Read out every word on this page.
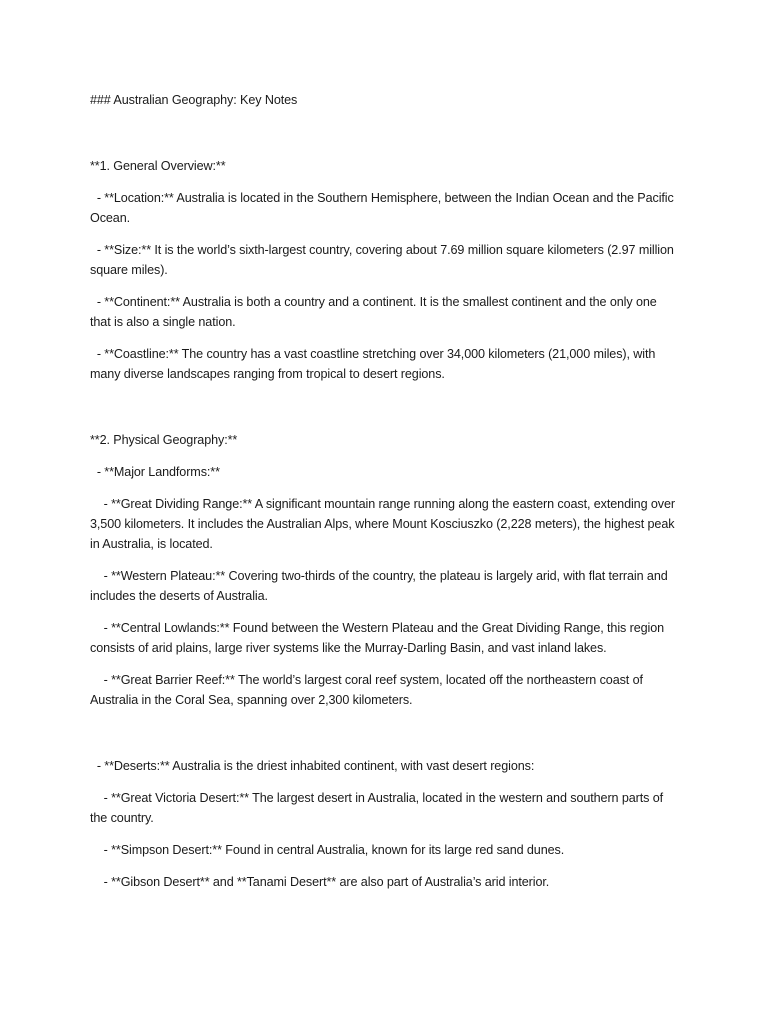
### Australian Geography: Key Notes

**1. General Overview:**

- **Location:** Australia is located in the Southern Hemisphere, between the Indian Ocean and the Pacific Ocean.

- **Size:** It is the world’s sixth-largest country, covering about 7.69 million square kilometers (2.97 million square miles).

- **Continent:** Australia is both a country and a continent. It is the smallest continent and the only one that is also a single nation.

- **Coastline:** The country has a vast coastline stretching over 34,000 kilometers (21,000 miles), with many diverse landscapes ranging from tropical to desert regions.

**2. Physical Geography:**

- **Major Landforms:**

- **Great Dividing Range:** A significant mountain range running along the eastern coast, extending over 3,500 kilometers. It includes the Australian Alps, where Mount Kosciuszko (2,228 meters), the highest peak in Australia, is located.

- **Western Plateau:** Covering two-thirds of the country, the plateau is largely arid, with flat terrain and includes the deserts of Australia.

- **Central Lowlands:** Found between the Western Plateau and the Great Dividing Range, this region consists of arid plains, large river systems like the Murray-Darling Basin, and vast inland lakes.

- **Great Barrier Reef:** The world’s largest coral reef system, located off the northeastern coast of Australia in the Coral Sea, spanning over 2,300 kilometers.

- **Deserts:** Australia is the driest inhabited continent, with vast desert regions:

- **Great Victoria Desert:** The largest desert in Australia, located in the western and southern parts of the country.

- **Simpson Desert:** Found in central Australia, known for its large red sand dunes.

- **Gibson Desert** and **Tanami Desert** are also part of Australia’s arid interior.
